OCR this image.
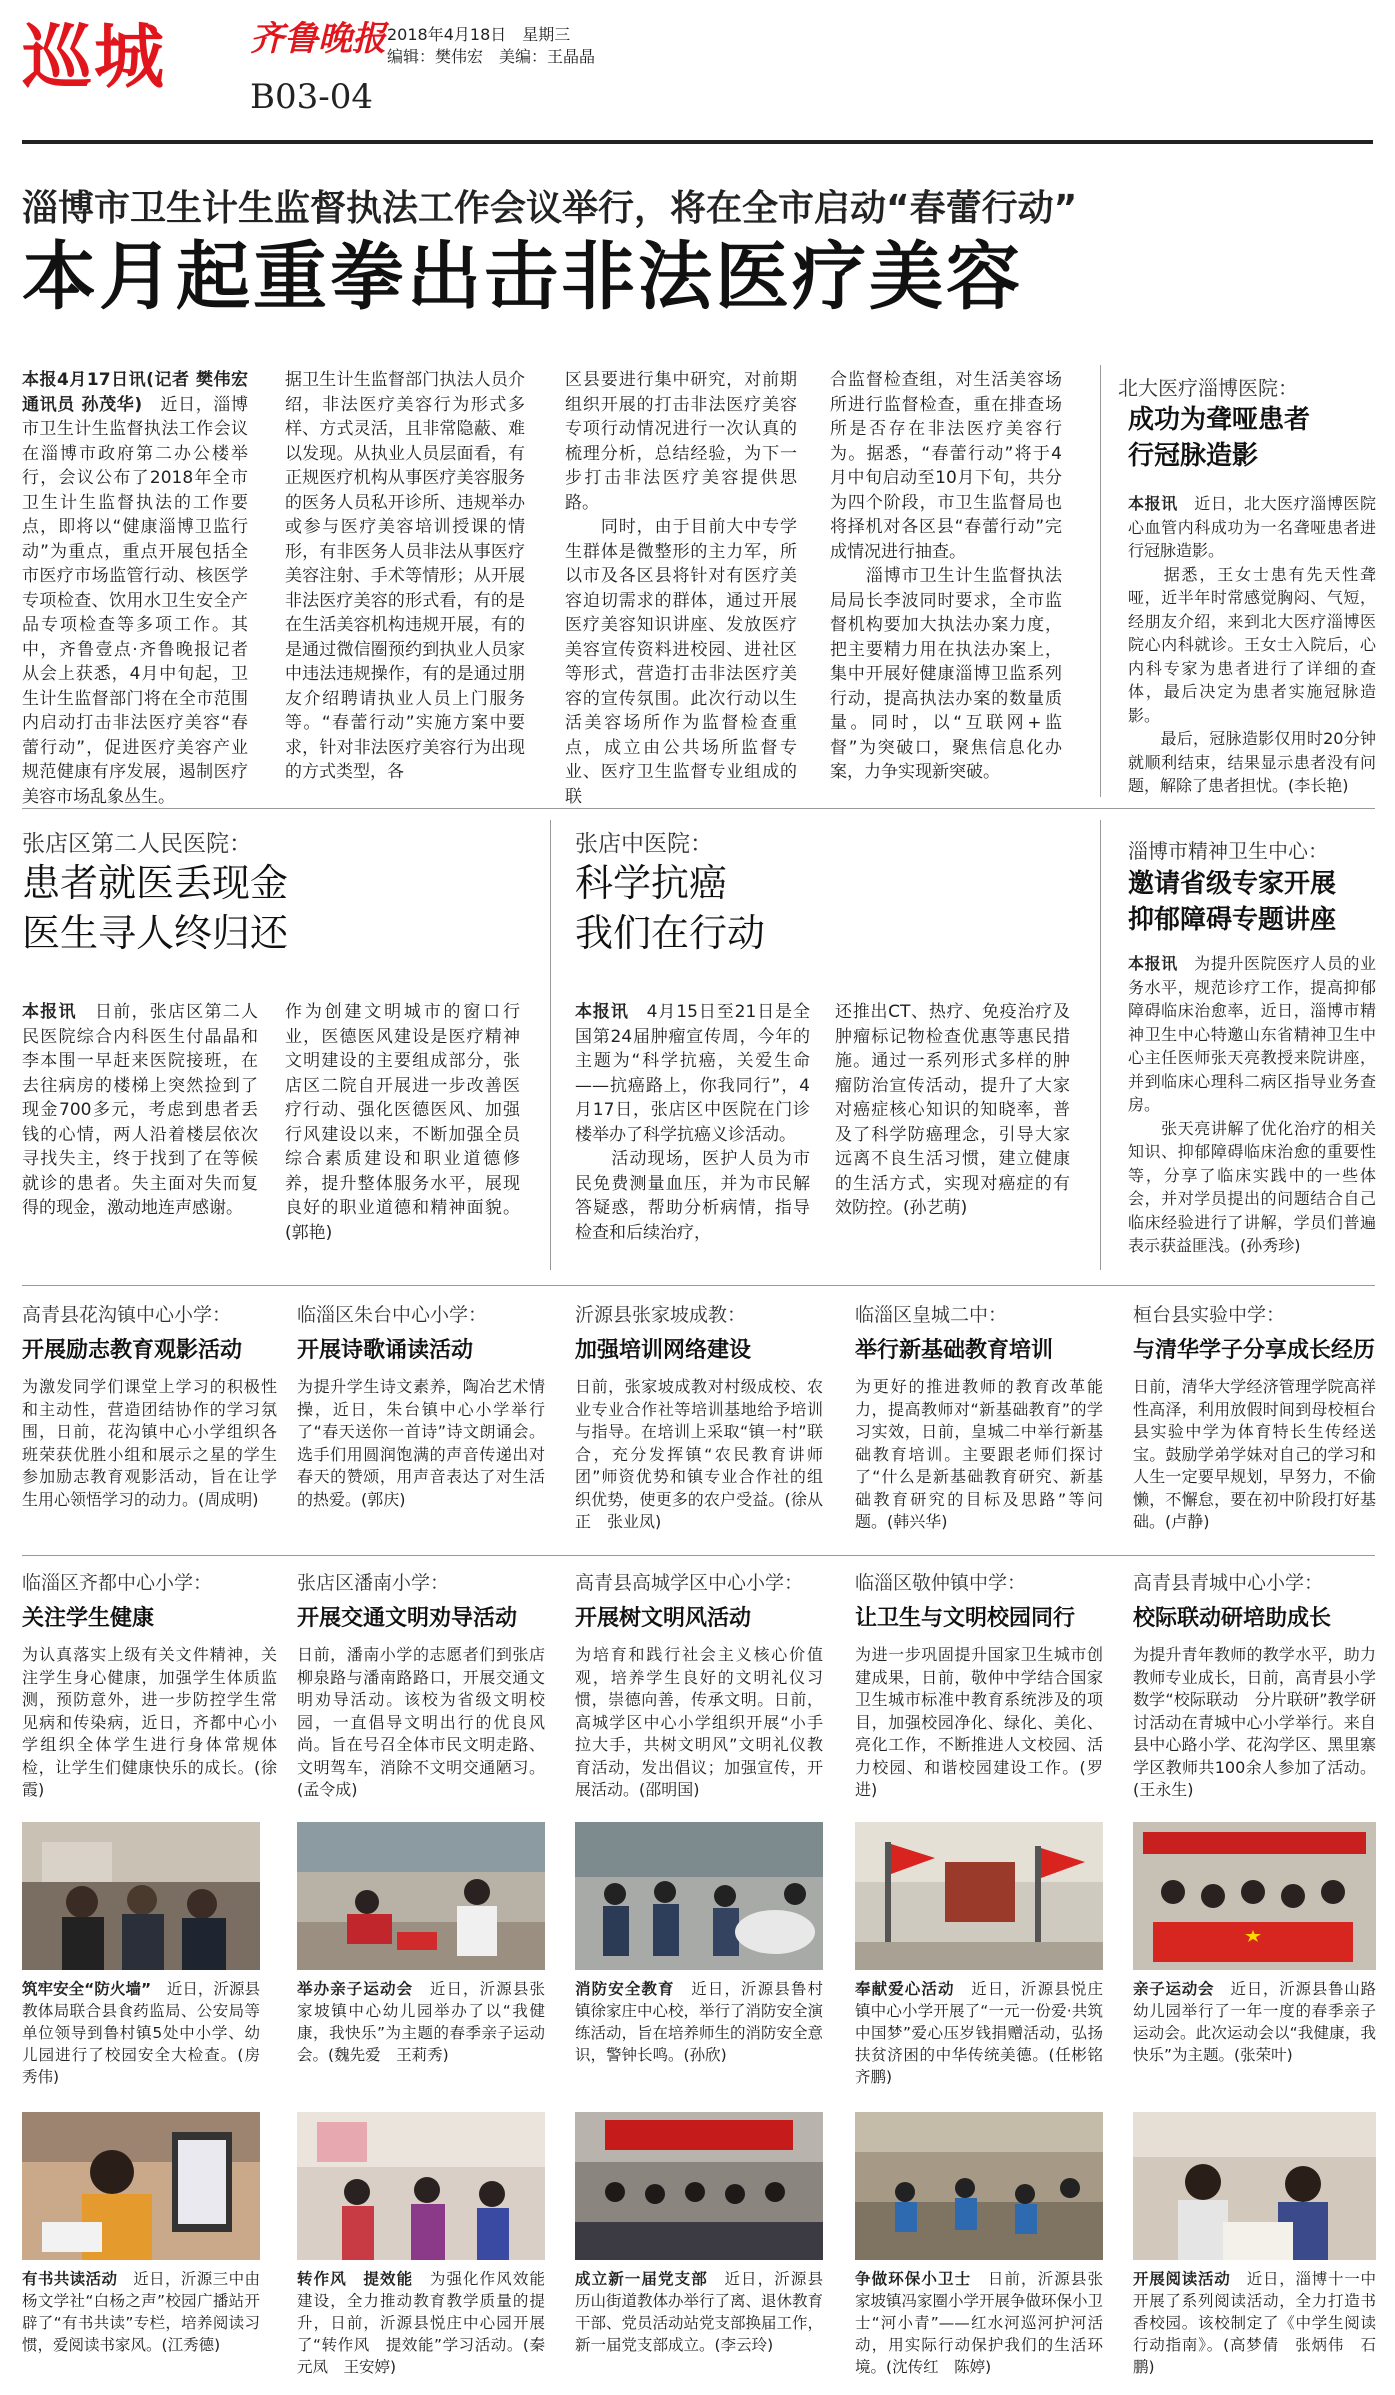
巡城 齐鲁晚报 2018年4月18日　 星期三
编辑：樊伟宏　 美编：王晶晶
B03-04
淄博市卫生计生监督执法工作会议举行，将在全市启动“春蕾行动”
本月起重拳出击非法医疗美容
本报4月17日讯(记者 樊伟宏 通讯员 孙茂华)　 近日，淄博市卫生计生监督执法工作会议在淄博市政府第二办公楼举行，会议公布了2018年全市卫生计生监督执法的工作要点，即将以“健康淄博卫监行动”为重点，重点开展包括全市医疗市场监管行动、核医学专项检查、饮用水卫生安全产品专项检查等多项工作。其中，齐鲁壹点·齐鲁晚报记者从会上获悉，4月中旬起，卫生计生监督部门将在全市范围内启动打击非法医疗美容“春蕾行动”，促进医疗美容产业规范健康有序发展，遏制医疗美容市场乱象丛生。
据卫生计生监督部门执法人员介绍，非法医疗美容行为形式多样、方式灵活，且非常隐蔽、难以发现。从执业人员层面看，有正规医疗机构从事医疗美容服务的医务人员私开诊所、违规举办或参与医疗美容培训授课的情形，有非医务人员非法从事医疗美容注射、手术等情形；从开展非法医疗美容的形式看，有的是在生活美容机构违规开展，有的是通过微信圈预约到执业人员家中违法违规操作，有的是通过朋友介绍聘请执业人员上门服务等。“春蕾行动”实施方案中要求，针对非法医疗美容行为出现的方式类型，各
区县要进行集中研究，对前期组织开展的打击非法医疗美容专项行动情况进行一次认真的梳理分析，总结经验，为下一步打击非法医疗美容提供思路。
　　同时，由于目前大中专学生群体是微整形的主力军，所以市及各区县将针对有医疗美容迫切需求的群体，通过开展医疗美容知识讲座、发放医疗美容宣传资料进校园、进社区等形式，营造打击非法医疗美容的宣传氛围。此次行动以生活美容场所作为监督检查重点，成立由公共场所监督专业、医疗卫生监督专业组成的联
合监督检查组，对生活美容场所进行监督检查，重在排查场所是否存在非法医疗美容行为。据悉，“春蕾行动”将于4月中旬启动至10月下旬，共分为四个阶段，市卫生监督局也将择机对各区县“春蕾行动”完成情况进行抽查。
　　淄博市卫生计生监督执法局局长李波同时要求，全市监督机构要加大执法办案力度，把主要精力用在执法办案上，集中开展好健康淄博卫监系列行动，提高执法办案的数量质量。同时，以“互联网+监督”为突破口，聚焦信息化办案，力争实现新突破。
北大医疗淄博医院：
成功为聋哑患者
行冠脉造影
本报讯　 近日，北大医疗淄博医院心血管内科成功为一名聋哑患者进行冠脉造影。
　　据悉，王女士患有先天性聋哑，近半年时常感觉胸闷、气短，经朋友介绍，来到北大医疗淄博医院心内科就诊。王女士入院后，心内科专家为患者进行了详细的查体，最后决定为患者实施冠脉造影。
　　最后，冠脉造影仅用时20分钟就顺利结束，结果显示患者没有问题，解除了患者担忧。(李长艳)
张店区第二人民医院：
患者就医丢现金
医生寻人终归还
本报讯　 日前，张店区第二人民医院综合内科医生付晶晶和李本围一早赶来医院接班，在去往病房的楼梯上突然捡到了现金700多元，考虑到患者丢钱的心情，两人沿着楼层依次寻找失主，终于找到了在等候就诊的患者。失主面对失而复得的现金，激动地连声感谢。
作为创建文明城市的窗口行业，医德医风建设是医疗精神文明建设的主要组成部分，张店区二院自开展进一步改善医疗行动、强化医德医风、加强行风建设以来，不断加强全员综合素质建设和职业道德修养，提升整体服务水平，展现良好的职业道德和精神面貌。(郭艳)
张店中医院：
科学抗癌
我们在行动
本报讯　 4月15日至21日是全国第24届肿瘤宣传周，今年的主题为“科学抗癌，关爱生命——抗癌路上，你我同行”，4月17日，张店区中医院在门诊楼举办了科学抗癌义诊活动。
　　活动现场，医护人员为市民免费测量血压，并为市民解答疑惑，帮助分析病情，指导检查和后续治疗，
还推出CT、热疗、免疫治疗及肿瘤标记物检查优惠等惠民措施。通过一系列形式多样的肿瘤防治宣传活动，提升了大家对癌症核心知识的知晓率，普及了科学防癌理念，引导大家远离不良生活习惯，建立健康的生活方式，实现对癌症的有效防控。(孙艺萌)
淄博市精神卫生中心：
邀请省级专家开展
抑郁障碍专题讲座
本报讯　 为提升医院医疗人员的业务水平，规范诊疗工作，提高抑郁障碍临床治愈率，近日，淄博市精神卫生中心特邀山东省精神卫生中心主任医师张天亮教授来院讲座，并到临床心理科二病区指导业务查房。
　　张天亮讲解了优化治疗的相关知识、抑郁障碍临床治愈的重要性等，分享了临床实践中的一些体会，并对学员提出的问题结合自己临床经验进行了讲解，学员们普遍表示获益匪浅。(孙秀珍)
高青县花沟镇中心小学：
开展励志教育观影活动
为激发同学们课堂上学习的积极性和主动性，营造团结协作的学习氛围，日前，花沟镇中心小学组织各班荣获优胜小组和展示之星的学生参加励志教育观影活动，旨在让学生用心领悟学习的动力。(周成明)
临淄区朱台中心小学：
开展诗歌诵读活动
为提升学生诗文素养，陶冶艺术情操，近日，朱台镇中心小学举行了“春天送你一首诗”诗文朗诵会。选手们用圆润饱满的声音传递出对春天的赞颂，用声音表达了对生活的热爱。(郭庆)
沂源县张家坡成教：
加强培训网络建设
日前，张家坡成教对村级成校、农业专业合作社等培训基地给予培训与指导。在培训上采取“镇一村”联合，充分发挥镇“农民教育讲师团”师资优势和镇专业合作社的组织优势，使更多的农户受益。(徐从正　张业凤)
临淄区皇城二中：
举行新基础教育培训
为更好的推进教师的教育改革能力，提高教师对“新基础教育”的学习实效，日前，皇城二中举行新基础教育培训。主要跟老师们探讨了“什么是新基础教育研究、新基础教育研究的目标及思路”等问题。(韩兴华)
桓台县实验中学：
与清华学子分享成长经历
日前，清华大学经济管理学院高祥性高泽，利用放假时间到母校桓台县实验中学为体育特长生传经送宝。鼓励学弟学妹对自己的学习和人生一定要早规划，早努力，不偷懒，不懈怠，要在初中阶段打好基础。(卢静)
临淄区齐都中心小学：
关注学生健康
为认真落实上级有关文件精神，关注学生身心健康，加强学生体质监测，预防意外，进一步防控学生常见病和传染病，近日，齐都中心小学组织全体学生进行身体常规体检，让学生们健康快乐的成长。(徐霞)
张店区潘南小学：
开展交通文明劝导活动
日前，潘南小学的志愿者们到张店柳泉路与潘南路路口，开展交通文明劝导活动。该校为省级文明校园，一直倡导文明出行的优良风尚。旨在号召全体市民文明走路、文明驾车，消除不文明交通陋习。(孟令成)
高青县高城学区中心小学：
开展树文明风活动
为培育和践行社会主义核心价值观，培养学生良好的文明礼仪习惯，崇德向善，传承文明。日前，高城学区中心小学组织开展“小手拉大手，共树文明风”文明礼仪教育活动，发出倡议；加强宣传，开展活动。(邵明国)
临淄区敬仲镇中学：
让卫生与文明校园同行
为进一步巩固提升国家卫生城市创建成果，日前，敬仲中学结合国家卫生城市标准中教育系统涉及的项目，加强校园净化、绿化、美化、亮化工作，不断推进人文校园、活力校园、和谐校园建设工作。(罗进)
高青县青城中心小学：
校际联动研培助成长
为提升青年教师的教学水平，助力教师专业成长，日前，高青县小学数学“校际联动　分片联研”教学研讨活动在青城中心小学举行。来自县中心路小学、花沟学区、黑里寨学区教师共100余人参加了活动。(王永生)
筑牢安全“防火墙”　 近日，沂源县教体局联合县食药监局、公安局等单位领导到鲁村镇5处中小学、幼儿园进行了校园安全大检查。(房秀伟)
举办亲子运动会　 近日，沂源县张家坡镇中心幼儿园举办了以“我健康，我快乐”为主题的春季亲子运动会。(魏先爱　王莉秀)
消防安全教育　 近日，沂源县鲁村镇徐家庄中心校，举行了消防安全演练活动，旨在培养师生的消防安全意识，警钟长鸣。(孙欣)
奉献爱心活动　 近日，沂源县悦庄镇中心小学开展了“一元一份爱·共筑中国梦”爱心压岁钱捐赠活动，弘扬扶贫济困的中华传统美德。(任彬铭　齐鹏)
亲子运动会　 近日，沂源县鲁山路幼儿园举行了一年一度的春季亲子运动会。此次运动会以“我健康，我快乐”为主题。(张荣叶)
有书共读活动　 近日，沂源三中由杨文学社“白杨之声”校园广播站开辟了“有书共读”专栏，培养阅读习惯，爱阅读书家风。(江秀德)
转作风　提效能　 为强化作风效能建设，全力推动教育教学质量的提升，日前，沂源县悦庄中心园开展了“转作风　提效能”学习活动。(秦元凤　王安婷)
成立新一届党支部　 近日，沂源县历山街道教体办举行了离、退休教育干部、党员活动站党支部换届工作，新一届党支部成立。(李云玲)
争做环保小卫士　 日前，沂源县张家坡镇冯家圈小学开展争做环保小卫士“河小青”——红水河巡河护河活动，用实际行动保护我们的生活环境。(沈传红　陈婷)
开展阅读活动　 近日，淄博十一中开展了系列阅读活动，全力打造书香校园。该校制定了《中学生阅读行动指南》。(高梦倩　张炳伟　石鹏)
